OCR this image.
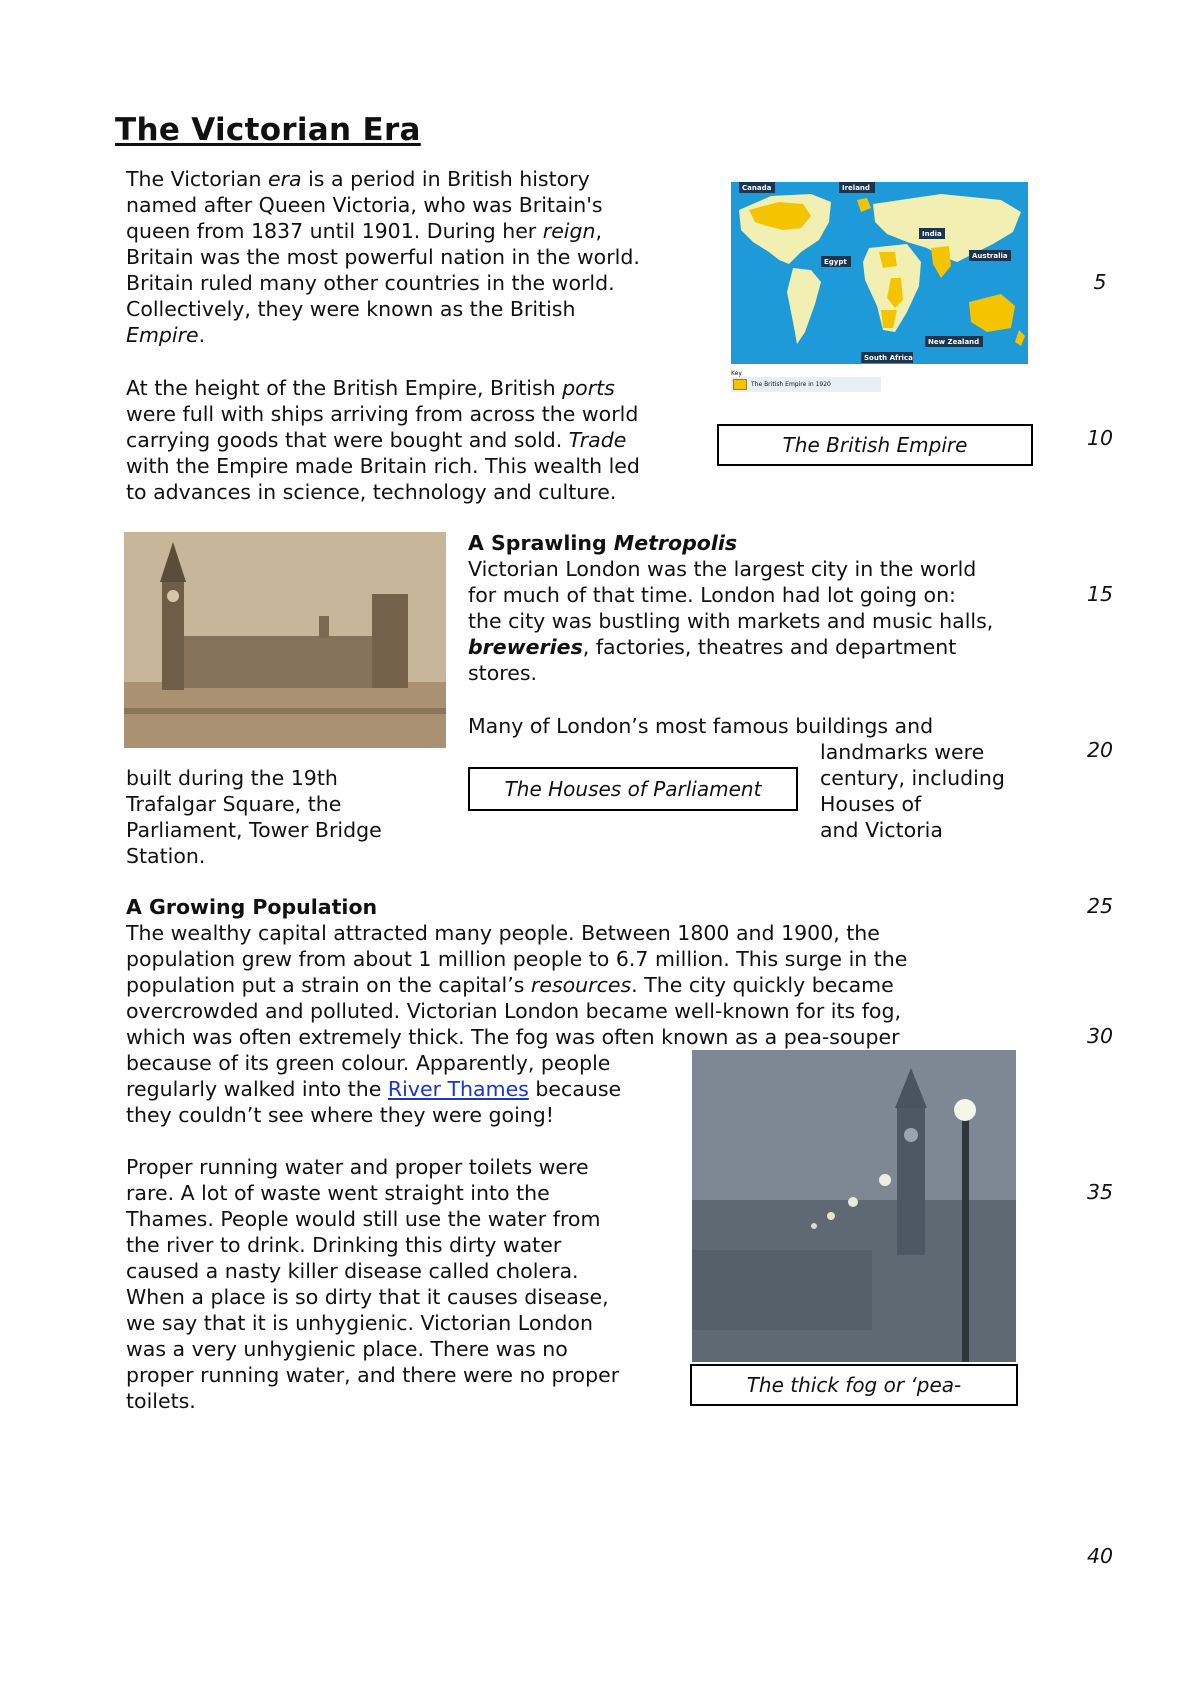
The Victorian Era
The Victorian era is a period in British history
named after Queen Victoria, who was Britain's
queen from 1837 until 1901. During her reign,
Britain was the most powerful nation in the world.
Britain ruled many other countries in the world.
Collectively, they were known as the British
Empire.
At the height of the British Empire, British ports
were full with ships arriving from across the world
carrying goods that were bought and sold. Trade
with the Empire made Britain rich. This wealth led
to advances in science, technology and culture.
Canada	Ireland
India
Egypt
Australia
South Africa
New Zealand
Key
The British Empire in 1920
The British Empire
A Sprawling Metropolis
Victorian London was the largest city in the world
for much of that time. London had lot going on:
the city was bustling with markets and music halls,
breweries, factories, theatres and department
stores.
Many of London’s most famous buildings and
landmarks were
century, including
Houses of
and Victoria
built during the 19th
Trafalgar Square, the
Parliament, Tower Bridge
Station.
The Houses of Parliament
A Growing Population
The wealthy capital attracted many people. Between 1800 and 1900, the
population grew from about 1 million people to 6.7 million. This surge in the
population put a strain on the capital’s resources. The city quickly became
overcrowded and polluted. Victorian London became well-known for its fog,
which was often extremely thick. The fog was often known as a pea-souper
because of its green colour. Apparently, people
regularly walked into the River Thames because
they couldn’t see where they were going!
Proper running water and proper toilets were
rare. A lot of waste went straight into the
Thames. People would still use the water from
the river to drink. Drinking this dirty water
caused a nasty killer disease called cholera.
When a place is so dirty that it causes disease,
we say that it is unhygienic. Victorian London
was a very unhygienic place. There was no
proper running water, and there were no proper
toilets.
The thick fog or ‘pea-
5
10
15
20
25
30
35
40
